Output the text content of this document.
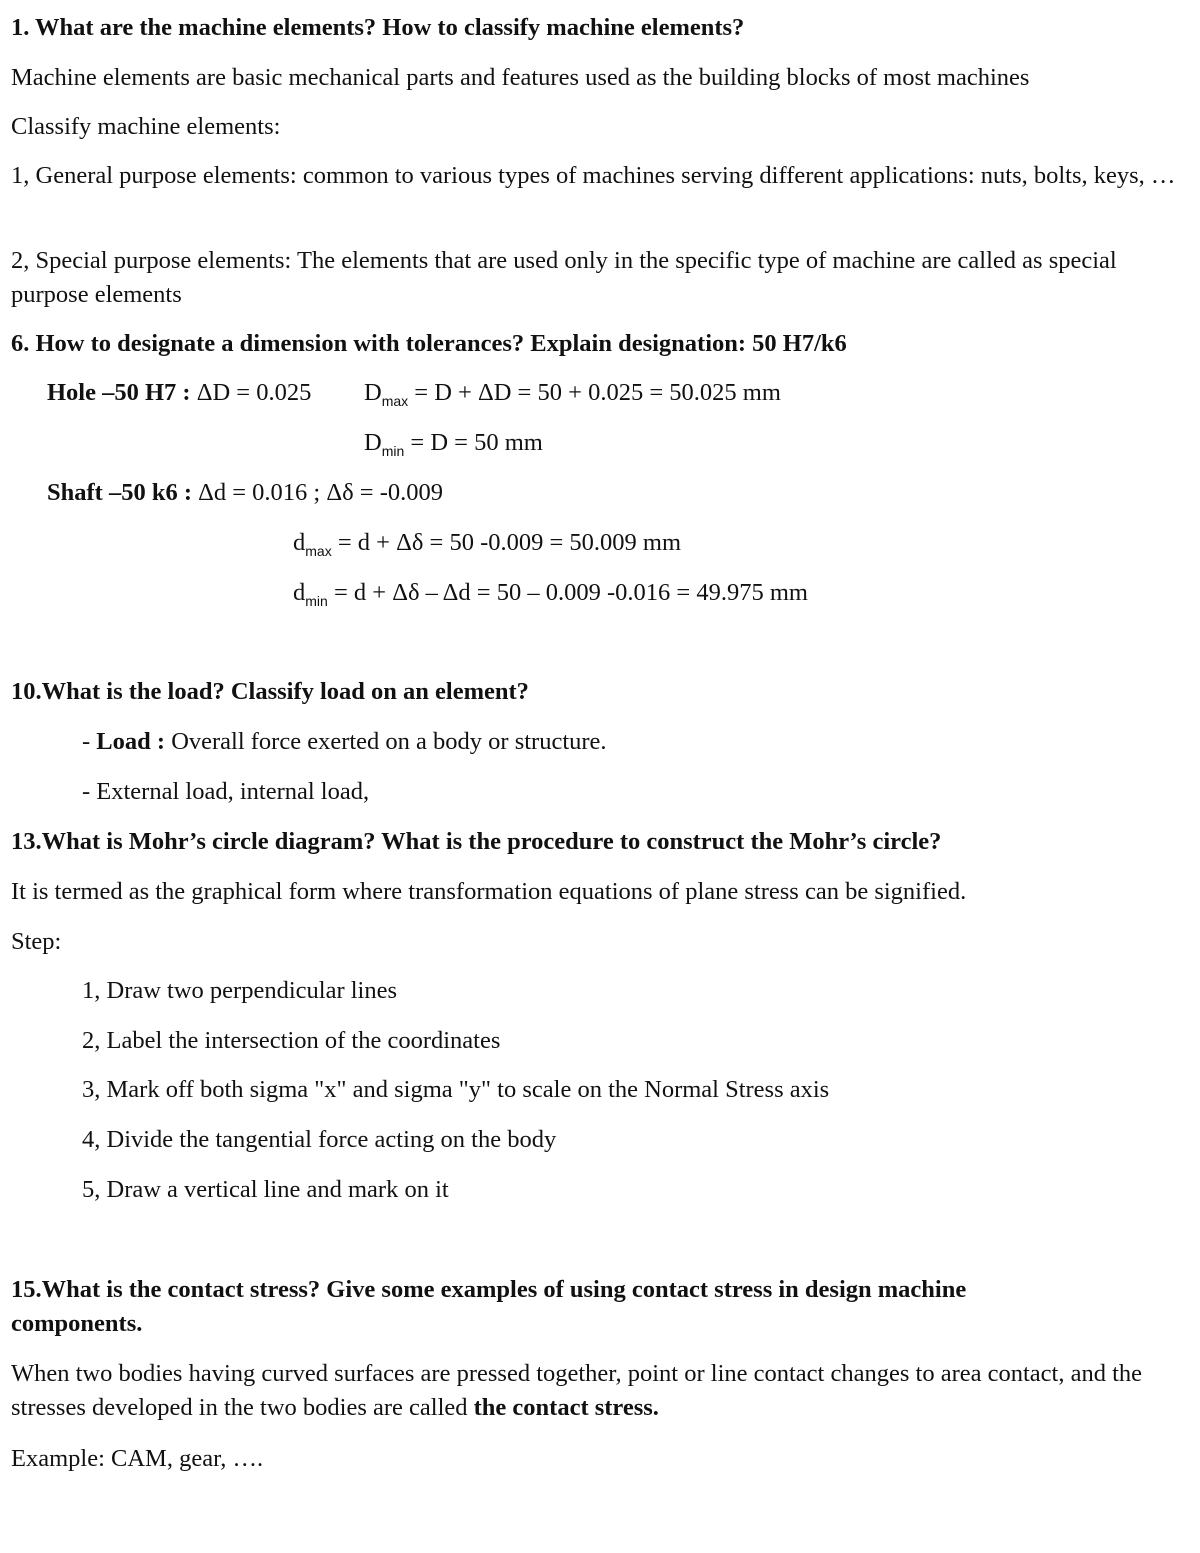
1. What are the machine elements? How to classify machine elements?
Machine elements are basic mechanical parts and features used as the building blocks of most machines
Classify machine elements:
1, General purpose elements: common to various types of machines serving different applications: nuts, bolts, keys, …
2, Special purpose elements: The elements that are used only in the specific type of machine are called as special purpose elements
6. How to designate a dimension with tolerances? Explain designation: 50 H7/k6
Hole –50 H7 : ΔD = 0.025 $D_{max} = D + \Delta D = 50 + 0.025 = 50.025$ mm
$D_{min} = D = 50$ mm
Shaft –50 k6 : Δd = 0.016 ; Δδ = -0.009
$d_{max} = d + \Delta\delta = 50$ -0.009 = 50.009 mm
$d_{min} = d + \Delta\delta - \Delta d = 50 - 0.009$ -0.016 = 49.975 mm
10.What is the load? Classify load on an element?
- Load : Overall force exerted on a body or structure.
- External load, internal load,
13.What is Mohr’s circle diagram? What is the procedure to construct the Mohr’s circle?
It is termed as the graphical form where transformation equations of plane stress can be signified.
Step:
1, Draw two perpendicular lines
2, Label the intersection of the coordinates
3, Mark off both sigma "x" and sigma "y" to scale on the Normal Stress axis
4, Divide the tangential force acting on the body
5, Draw a vertical line and mark on it
15.What is the contact stress? Give some examples of using contact stress in design machine components.
When two bodies having curved surfaces are pressed together, point or line contact changes to area contact, and the stresses developed in the two bodies are called the contact stress.
Example: CAM, gear, ….
